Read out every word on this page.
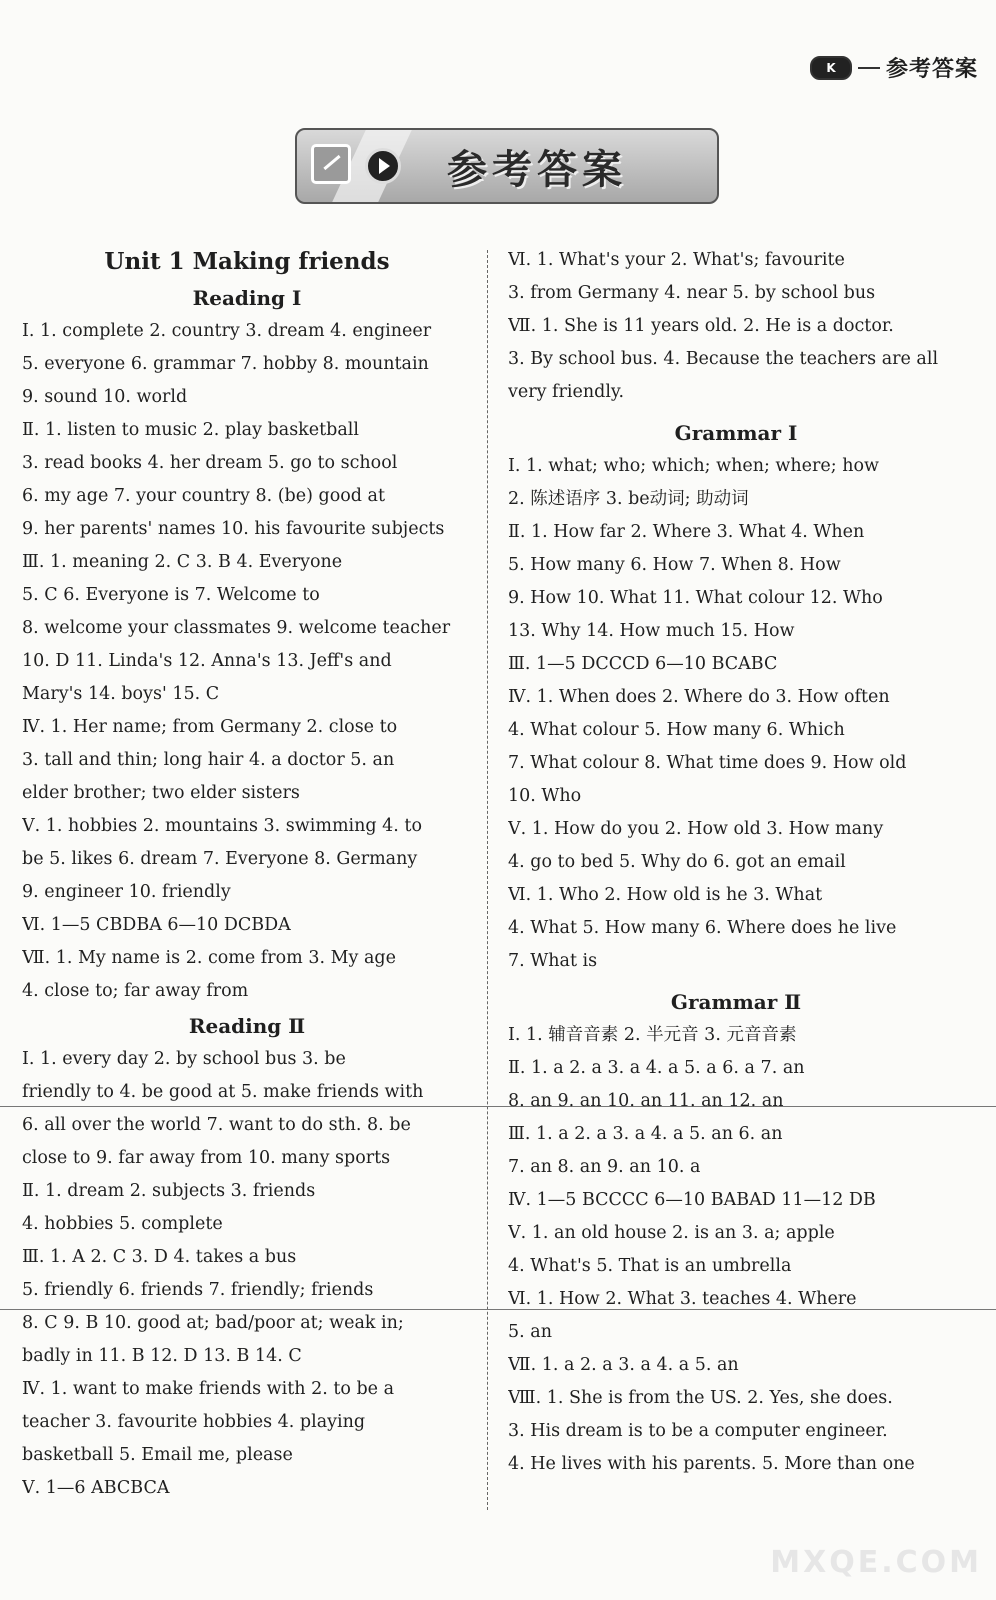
K	参考答案
参考答案
Unit 1 Making friends
Reading Ⅰ
Ⅰ. 1. complete 2. country 3. dream 4. engineer
5. everyone 6. grammar 7. hobby 8. mountain
9. sound 10. world
Ⅱ. 1. listen to music 2. play basketball
3. read books 4. her dream 5. go to school
6. my age 7. your country 8. (be) good at
9. her parents' names 10. his favourite subjects
Ⅲ. 1. meaning 2. C 3. B 4. Everyone
5. C 6. Everyone is 7. Welcome to
8. welcome your classmates 9. welcome teacher
10. D 11. Linda's 12. Anna's 13. Jeff's and
Mary's 14. boys' 15. C
Ⅳ. 1. Her name; from Germany 2. close to
3. tall and thin; long hair 4. a doctor 5. an
elder brother; two elder sisters
Ⅴ. 1. hobbies 2. mountains 3. swimming 4. to
be 5. likes 6. dream 7. Everyone 8. Germany
9. engineer 10. friendly
Ⅵ. 1—5 CBDBA 6—10 DCBDA
Ⅶ. 1. My name is 2. come from 3. My age
4. close to; far away from
Reading Ⅱ
Ⅰ. 1. every day 2. by school bus 3. be
friendly to 4. be good at 5. make friends with
6. all over the world 7. want to do sth. 8. be
close to 9. far away from 10. many sports
Ⅱ. 1. dream 2. subjects 3. friends
4. hobbies 5. complete
Ⅲ. 1. A 2. C 3. D 4. takes a bus
5. friendly 6. friends 7. friendly; friends
8. C 9. B 10. good at; bad/poor at; weak in;
badly in 11. B 12. D 13. B 14. C
Ⅳ. 1. want to make friends with 2. to be a
teacher 3. favourite hobbies 4. playing
basketball 5. Email me, please
Ⅴ. 1—6 ABCBCA
Ⅵ. 1. What's your 2. What's; favourite
3. from Germany 4. near 5. by school bus
Ⅶ. 1. She is 11 years old. 2. He is a doctor.
3. By school bus. 4. Because the teachers are all
very friendly.
Grammar Ⅰ
Ⅰ. 1. what; who; which; when; where; how
2. 陈述语序 3. be动词; 助动词
Ⅱ. 1. How far 2. Where 3. What 4. When
5. How many 6. How 7. When 8. How
9. How 10. What 11. What colour 12. Who
13. Why 14. How much 15. How
Ⅲ. 1—5 DCCCD 6—10 BCABC
Ⅳ. 1. When does 2. Where do 3. How often
4. What colour 5. How many 6. Which
7. What colour 8. What time does 9. How old
10. Who
Ⅴ. 1. How do you 2. How old 3. How many
4. go to bed 5. Why do 6. got an email
Ⅵ. 1. Who 2. How old is he 3. What
4. What 5. How many 6. Where does he live
7. What is
Grammar Ⅱ
Ⅰ. 1. 辅音音素 2. 半元音 3. 元音音素
Ⅱ. 1. a 2. a 3. a 4. a 5. a 6. a 7. an
8. an 9. an 10. an 11. an 12. an
Ⅲ. 1. a 2. a 3. a 4. a 5. an 6. an
7. an 8. an 9. an 10. a
Ⅳ. 1—5 BCCCC 6—10 BABAD 11—12 DB
Ⅴ. 1. an old house 2. is an 3. a; apple
4. What's 5. That is an umbrella
Ⅵ. 1. How 2. What 3. teaches 4. Where
5. an
Ⅶ. 1. a 2. a 3. a 4. a 5. an
Ⅷ. 1. She is from the US. 2. Yes, she does.
3. His dream is to be a computer engineer.
4. He lives with his parents. 5. More than one
MXQE.COM
